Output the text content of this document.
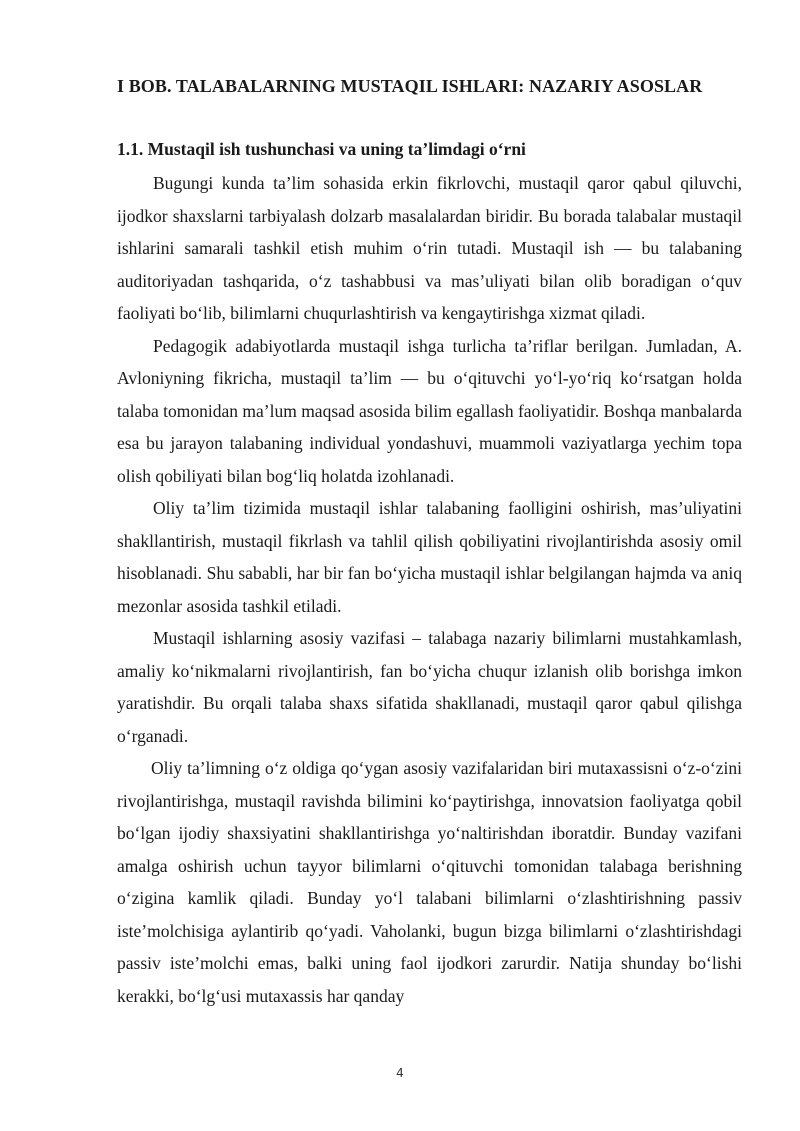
I BOB. TALABALARNING MUSTAQIL ISHLARI: NAZARIY ASOSLAR
1.1. Mustaqil ish tushunchasi va uning ta’limdagi o‘rni

Bugungi kunda ta’lim sohasida erkin fikrlovchi, mustaqil qaror qabul qiluvchi, ijodkor shaxslarni tarbiyalash dolzarb masalalardan biridir. Bu borada talabalar mustaqil ishlarini samarali tashkil etish muhim o‘rin tutadi. Mustaqil ish — bu talabaning auditoriyadan tashqarida, o‘z tashabbusi va mas’uliyati bilan olib boradigan o‘quv faoliyati bo‘lib, bilimlarni chuqurlashtirish va kengaytirishga xizmat qiladi.

Pedagogik adabiyotlarda mustaqil ishga turlicha ta’riflar berilgan. Jumladan, A. Avloniyning fikricha, mustaqil ta’lim — bu o‘qituvchi yo‘l-yo‘riq ko‘rsatgan holda talaba tomonidan ma’lum maqsad asosida bilim egallash faoliyatidir. Boshqa manbalarda esa bu jarayon talabaning individual yondashuvi, muammoli vaziyatlarga yechim topa olish qobiliyati bilan bog‘liq holatda izohlanadi.

Oliy ta’lim tizimida mustaqil ishlar talabaning faolligini oshirish, mas’uliyatini shakllantirish, mustaqil fikrlash va tahlil qilish qobiliyatini rivojlantirishda asosiy omil hisoblanadi. Shu sababli, har bir fan bo‘yicha mustaqil ishlar belgilangan hajmda va aniq mezonlar asosida tashkil etiladi.

Mustaqil ishlarning asosiy vazifasi – talabaga nazariy bilimlarni mustahkamlash, amaliy ko‘nikmalarni rivojlantirish, fan bo‘yicha chuqur izlanish olib borishga imkon yaratishdir. Bu orqali talaba shaxs sifatida shakllanadi, mustaqil qaror qabul qilishga o‘rganadi.

Oliy ta’limning o‘z oldiga qo‘ygan asosiy vazifalaridan biri mutaxassisni o‘z-o‘zini rivojlantirishga, mustaqil ravishda bilimini ko‘paytirishga, innovatsion faoliyatga qobil bo‘lgan ijodiy shaxsiyatini shakllantirishga yo‘naltirishdan iboratdir. Bunday vazifani amalga oshirish uchun tayyor bilimlarni o‘qituvchi tomonidan talabaga berishning o‘zigina kamlik qiladi. Bunday yo‘l talabani bilimlarni o‘zlashtirishning passiv iste’molchisiga aylantirib qo‘yadi. Vaholanki, bugun bizga bilimlarni o‘zlashtirishdagi passiv iste’molchi emas, balki uning faol ijodkori zarurdir. Natija shunday bo‘lishi kerakki, bo‘lg‘usi mutaxassis har qanday

4
